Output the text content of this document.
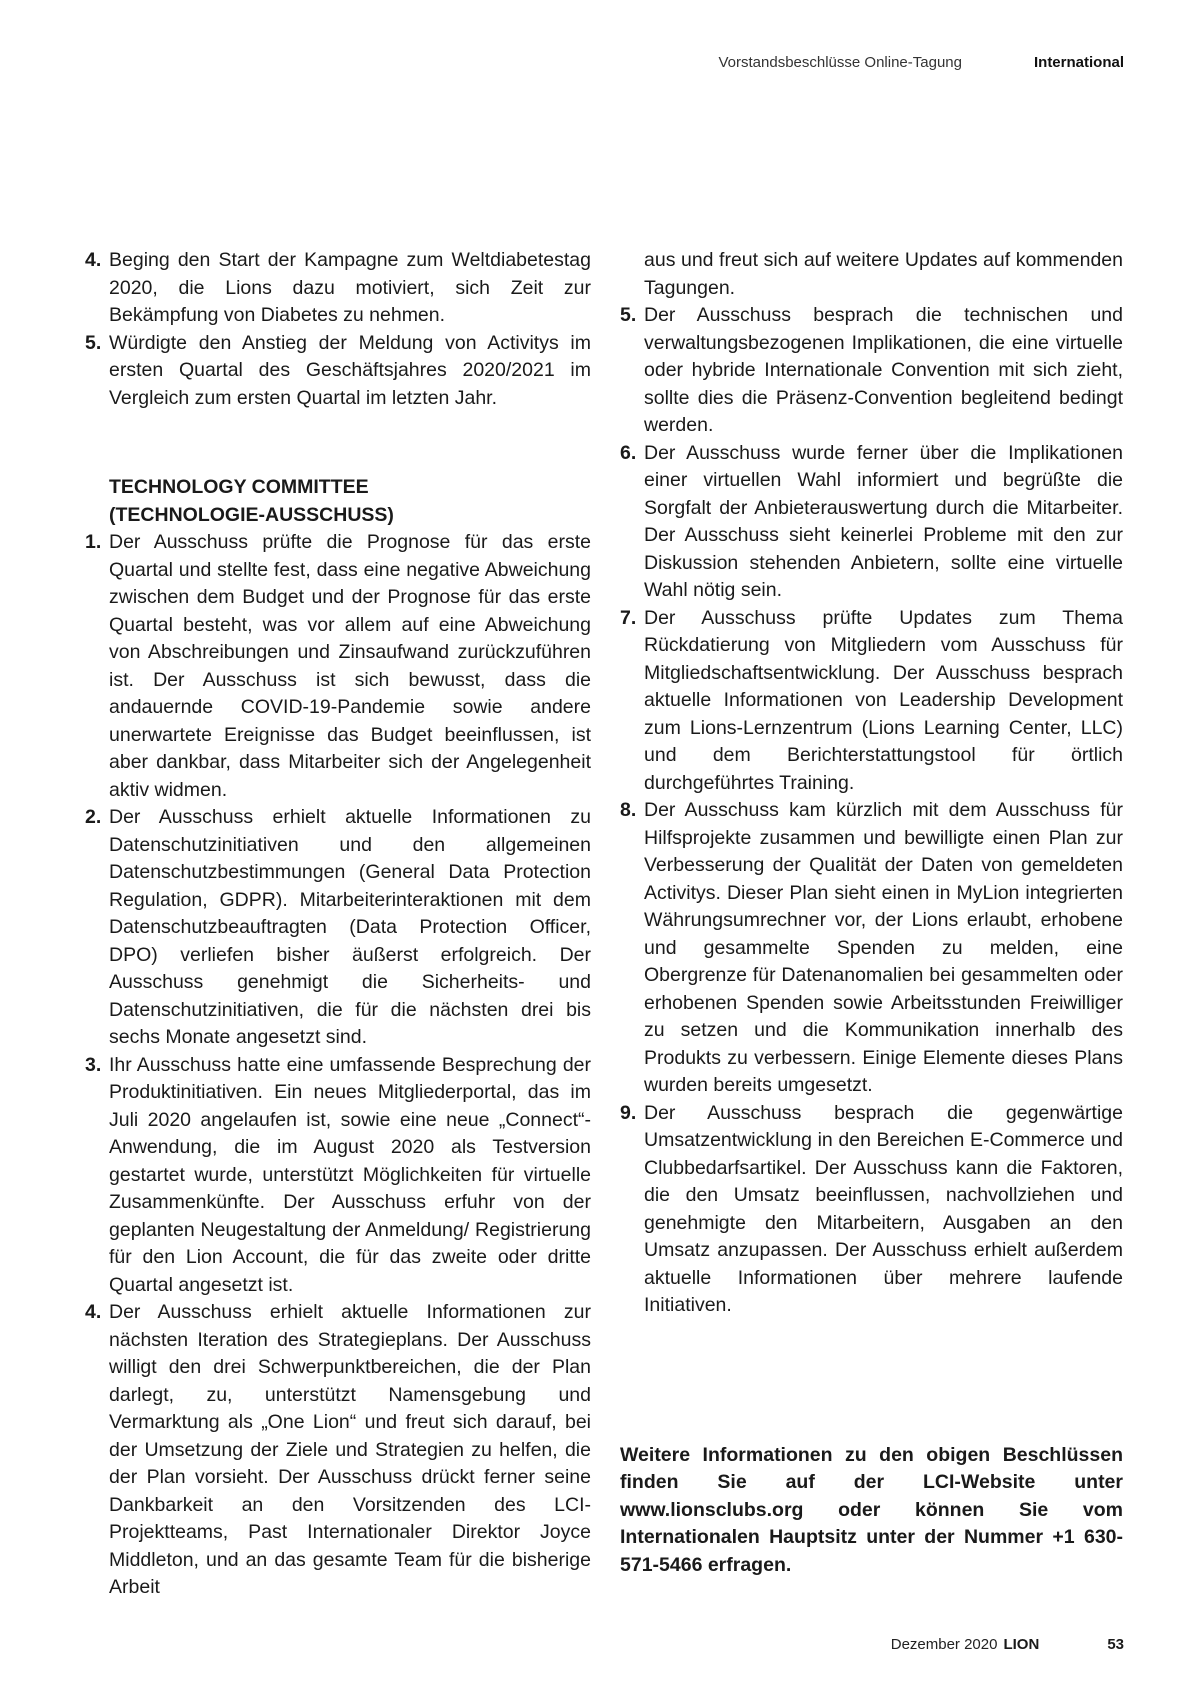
Vorstandsbeschlüsse Online-Tagung	International
4. Beging den Start der Kampagne zum Weltdiabetestag 2020, die Lions dazu motiviert, sich Zeit zur Bekämpfung von Diabetes zu nehmen.
5. Würdigte den Anstieg der Meldung von Activitys im ersten Quartal des Geschäftsjahres 2020/2021 im Vergleich zum ersten Quartal im letzten Jahr.
TECHNOLOGY COMMITTEE
(TECHNOLOGIE-AUSSCHUSS)
1. Der Ausschuss prüfte die Prognose für das erste Quartal und stellte fest, dass eine negative Abweichung zwischen dem Budget und der Prognose für das erste Quartal besteht, was vor allem auf eine Abweichung von Abschreibungen und Zinsaufwand zurückzuführen ist. Der Ausschuss ist sich bewusst, dass die andauernde COVID-19-Pandemie sowie andere unerwartete Ereignisse das Budget beeinflussen, ist aber dankbar, dass Mitarbeiter sich der Angelegenheit aktiv widmen.
2. Der Ausschuss erhielt aktuelle Informationen zu Datenschutzinitiativen und den allgemeinen Datenschutzbestimmungen (General Data Protection Regulation, GDPR). Mitarbeiterinteraktionen mit dem Datenschutzbeauftragten (Data Protection Officer, DPO) verliefen bisher äußerst erfolgreich. Der Ausschuss genehmigt die Sicherheits- und Datenschutzinitiativen, die für die nächsten drei bis sechs Monate angesetzt sind.
3. Ihr Ausschuss hatte eine umfassende Besprechung der Produktinitiativen. Ein neues Mitgliederportal, das im Juli 2020 angelaufen ist, sowie eine neue „Connect“-Anwendung, die im August 2020 als Testversion gestartet wurde, unterstützt Möglichkeiten für virtuelle Zusammenkünfte. Der Ausschuss erfuhr von der geplanten Neugestaltung der Anmeldung/ Registrierung für den Lion Account, die für das zweite oder dritte Quartal angesetzt ist.
4. Der Ausschuss erhielt aktuelle Informationen zur nächsten Iteration des Strategieplans. Der Ausschuss willigt den drei Schwerpunktbereichen, die der Plan darlegt, zu, unterstützt Namensgebung und Vermarktung als „One Lion“ und freut sich darauf, bei der Umsetzung der Ziele und Strategien zu helfen, die der Plan vorsieht. Der Ausschuss drückt ferner seine Dankbarkeit an den Vorsitzenden des LCI-Projektteams, Past Internationaler Direktor Joyce Middleton, und an das gesamte Team für die bisherige Arbeit
aus und freut sich auf weitere Updates auf kommenden Tagungen.
5. Der Ausschuss besprach die technischen und verwaltungsbezogenen Implikationen, die eine virtuelle oder hybride Internationale Convention mit sich zieht, sollte dies die Präsenz-Convention begleitend bedingt werden.
6. Der Ausschuss wurde ferner über die Implikationen einer virtuellen Wahl informiert und begrüßte die Sorgfalt der Anbieterauswertung durch die Mitarbeiter. Der Ausschuss sieht keinerlei Probleme mit den zur Diskussion stehenden Anbietern, sollte eine virtuelle Wahl nötig sein.
7. Der Ausschuss prüfte Updates zum Thema Rückdatierung von Mitgliedern vom Ausschuss für Mitgliedschaftsentwicklung. Der Ausschuss besprach aktuelle Informationen von Leadership Development zum Lions-Lernzentrum (Lions Learning Center, LLC) und dem Berichterstattungstool für örtlich durchgeführtes Training.
8. Der Ausschuss kam kürzlich mit dem Ausschuss für Hilfsprojekte zusammen und bewilligte einen Plan zur Verbesserung der Qualität der Daten von gemeldeten Activitys. Dieser Plan sieht einen in MyLion integrierten Währungsumrechner vor, der Lions erlaubt, erhobene und gesammelte Spenden zu melden, eine Obergrenze für Datenanomalien bei gesammelten oder erhobenen Spenden sowie Arbeitsstunden Freiwilliger zu setzen und die Kommunikation innerhalb des Produkts zu verbessern. Einige Elemente dieses Plans wurden bereits umgesetzt.
9. Der Ausschuss besprach die gegenwärtige Umsatzentwicklung in den Bereichen E-Commerce und Clubbedarfsartikel. Der Ausschuss kann die Faktoren, die den Umsatz beeinflussen, nachvollziehen und genehmigte den Mitarbeitern, Ausgaben an den Umsatz anzupassen. Der Ausschuss erhielt außerdem aktuelle Informationen über mehrere laufende Initiativen.

Weitere Informationen zu den obigen Beschlüssen finden Sie auf der LCI-Website unter www.lionsclubs.org oder können Sie vom Internationalen Hauptsitz unter der Nummer +1 630-571-5466 erfragen.

Dezember 2020 LION	53
